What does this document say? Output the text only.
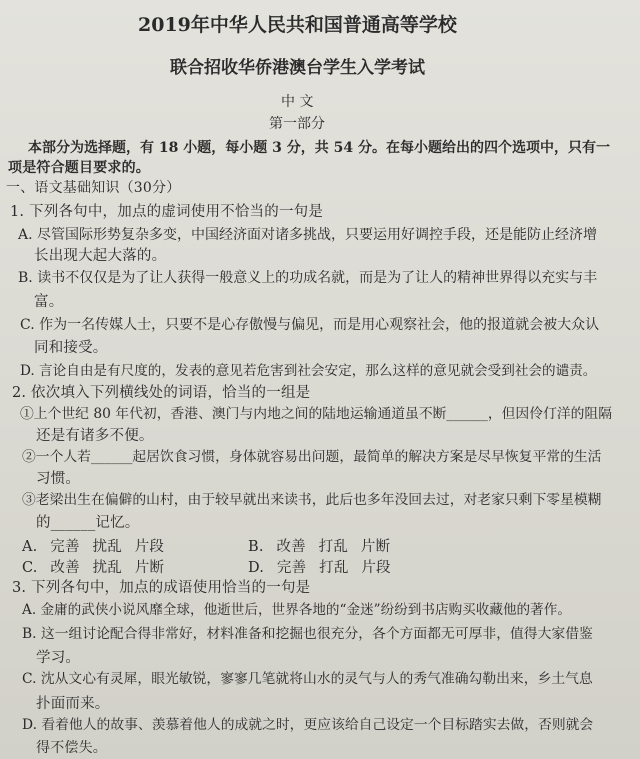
2019年中华人民共和国普通高等学校
联合招收华侨港澳台学生入学考试
中 文
第一部分
本部分为选择题，有 18 小题，每小题 3 分，共 54 分。在每小题给出的四个选项中，只有一
项是符合题目要求的。
一、语文基础知识（30分）
1. 下列各句中，加点的虚词使用不恰当的一句是
A. 尽管国际形势复杂多变，中国经济面对诸多挑战，只要运用好调控手段，还是能防止经济增
长出现大起大落的。
B. 读书不仅仅是为了让人获得一般意义上的功成名就，而是为了让人的精神世界得以充实与丰
富。
C. 作为一名传媒人士，只要不是心存傲慢与偏见，而是用心观察社会，他的报道就会被大众认
同和接受。
D. 言论自由是有尺度的，发表的意见若危害到社会安定，那么这样的意见就会受到社会的谴责。
2. 依次填入下列横线处的词语，恰当的一组是
①上个世纪 80 年代初，香港、澳门与内地之间的陆地运输通道虽不断______，但因伶仃洋的阻隔
还是有诸多不便。
②一个人若______起居饮食习惯，身体就容易出问题，最简单的解决方案是尽早恢复平常的生活
习惯。
③老梁出生在偏僻的山村，由于较早就出来读书，此后也多年没回去过，对老家只剩下零星模糊
的______记忆。
A. 完善 扰乱 片段	B. 改善 打乱 片断
C. 改善 扰乱 片断	D. 完善 打乱 片段
3. 下列各句中，加点的成语使用恰当的一句是
A. 金庸的武侠小说风靡全球，他逝世后，世界各地的“金迷”纷纷到书店购买收藏他的著作。
B. 这一组讨论配合得非常好，材料准备和挖掘也很充分，各个方面都无可厚非，值得大家借鉴
学习。
C. 沈从文心有灵犀，眼光敏锐，寥寥几笔就将山水的灵气与人的秀气准确勾勒出来，乡土气息
扑面而来。
D. 看着他人的故事、羡慕着他人的成就之时，更应该给自己设定一个目标踏实去做，否则就会
得不偿失。
